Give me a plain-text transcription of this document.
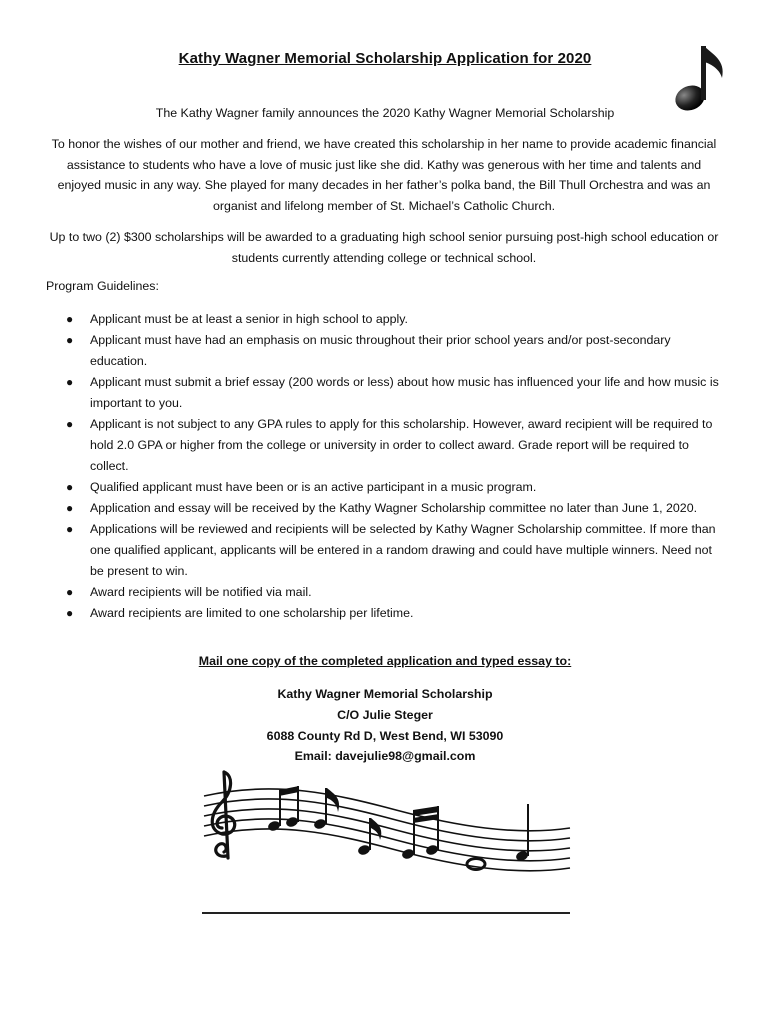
Kathy Wagner Memorial Scholarship Application for 2020
The Kathy Wagner family announces the 2020 Kathy Wagner Memorial Scholarship

To honor the wishes of our mother and friend, we have created this scholarship in her name to provide academic financial assistance to students who have a love of music just like she did. Kathy was generous with her time and talents and enjoyed music in any way. She played for many decades in her father’s polka band, the Bill Thull Orchestra and was an organist and lifelong member of St. Michael’s Catholic Church.

Up to two (2) $300 scholarships will be awarded to a graduating high school senior pursuing post-high school education or students currently attending college or technical school.

Program Guidelines:
● Applicant must be at least a senior in high school to apply.
● Applicant must have had an emphasis on music throughout their prior school years and/or post-secondary education.
● Applicant must submit a brief essay (200 words or less) about how music has influenced your life and how music is important to you.
● Applicant is not subject to any GPA rules to apply for this scholarship. However, award recipient will be required to hold 2.0 GPA or higher from the college or university in order to collect award. Grade report will be required to collect.
● Qualified applicant must have been or is an active participant in a music program.
● Application and essay will be received by the Kathy Wagner Scholarship committee no later than June 1, 2020.
● Applications will be reviewed and recipients will be selected by Kathy Wagner Scholarship committee. If more than one qualified applicant, applicants will be entered in a random drawing and could have multiple winners. Need not be present to win.
● Award recipients will be notified via mail.
● Award recipients are limited to one scholarship per lifetime.
Mail one copy of the completed application and typed essay to:
Kathy Wagner Memorial Scholarship
C/O Julie Steger
6088 County Rd D, West Bend, WI 53090
Email: davejulie98@gmail.com
